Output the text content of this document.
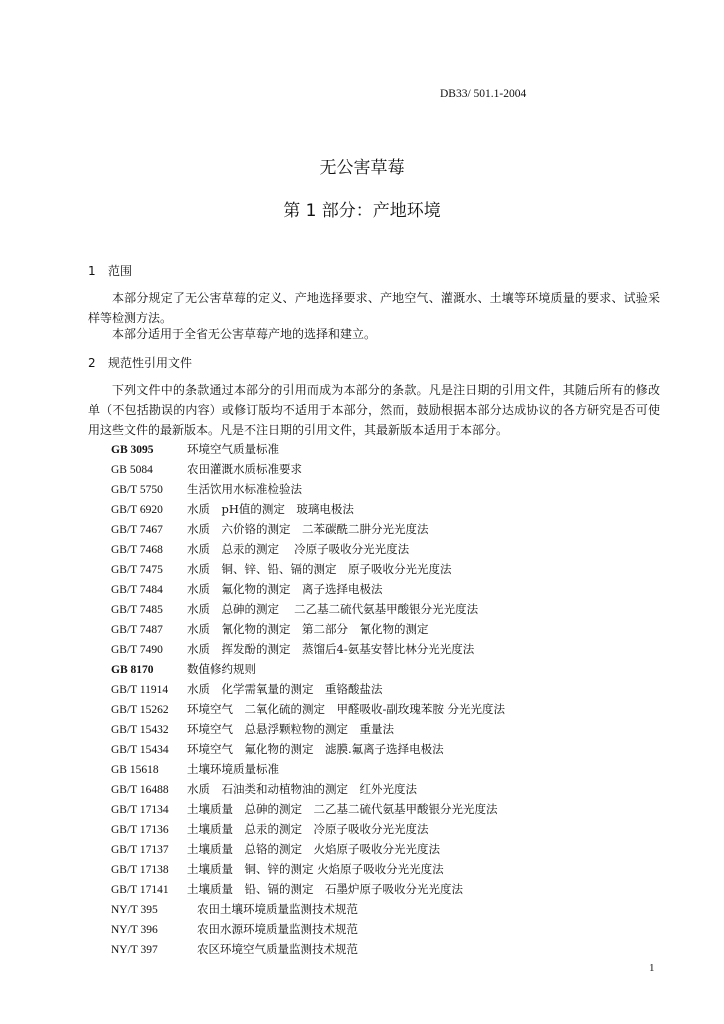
DB33/ 501.1-2004
无公害草莓
第 1 部分：产地环境
1 范围
本部分规定了无公害草莓的定义、产地选择要求、产地空气、灌溉水、土壤等环境质量的要求、试验采样等检测方法。
本部分适用于全省无公害草莓产地的选择和建立。
2 规范性引用文件
下列文件中的条款通过本部分的引用而成为本部分的条款。凡是注日期的引用文件，其随后所有的修改单（不包括勘误的内容）或修订版均不适用于本部分，然而，鼓励根据本部分达成协议的各方研究是否可使用这些文件的最新版本。凡是不注日期的引用文件，其最新版本适用于本部分。
GB 3095	环境空气质量标准
GB 5084	农田灌溉水质标准要求
GB/T 5750 生活饮用水标准检验法
GB/T 6920 水质　pH值的测定　玻璃电极法
GB/T 7467 水质　六价铬的测定　二苯碳酰二肼分光光度法
GB/T 7468 水质　总汞的测定　 冷原子吸收分光光度法
GB/T 7475 水质　铜、锌、铅、镉的测定　原子吸收分光光度法
GB/T 7484 水质　氟化物的测定　离子选择电极法
GB/T 7485 水质　总砷的测定　 二乙基二硫代氨基甲酸银分光光度法
GB/T 7487 水质　氰化物的测定　第二部分　氰化物的测定
GB/T 7490 水质　挥发酚的测定　蒸馏后4-氨基安替比林分光光度法
GB 8170	数值修约规则
GB/T 11914 水质　化学需氧量的测定　重铬酸盐法
GB/T 15262 环境空气　二氧化硫的测定　甲醛吸收-副玫瑰苯胺 分光光度法
GB/T 15432 环境空气　总悬浮颗粒物的测定　重量法
GB/T 15434 环境空气　氟化物的测定　滤膜.氟离子选择电极法
GB 15618 土壤环境质量标准
GB/T 16488 水质　石油类和动植物油的测定　红外光度法
GB/T 17134 土壤质量　总砷的测定　二乙基二硫代氨基甲酸银分光光度法
GB/T 17136 土壤质量　总汞的测定　冷原子吸收分光光度法
GB/T 17137 土壤质量　总铬的测定　火焰原子吸收分光光度法
GB/T 17138 土壤质量　铜、锌的测定 火焰原子吸收分光光度法
GB/T 17141 土壤质量　铅、镉的测定　石墨炉原子吸收分光光度法
NY/T 395	农田土壤环境质量监测技术规范
NY/T 396	农田水源环境质量监测技术规范
NY/T 397	农区环境空气质量监测技术规范
1
